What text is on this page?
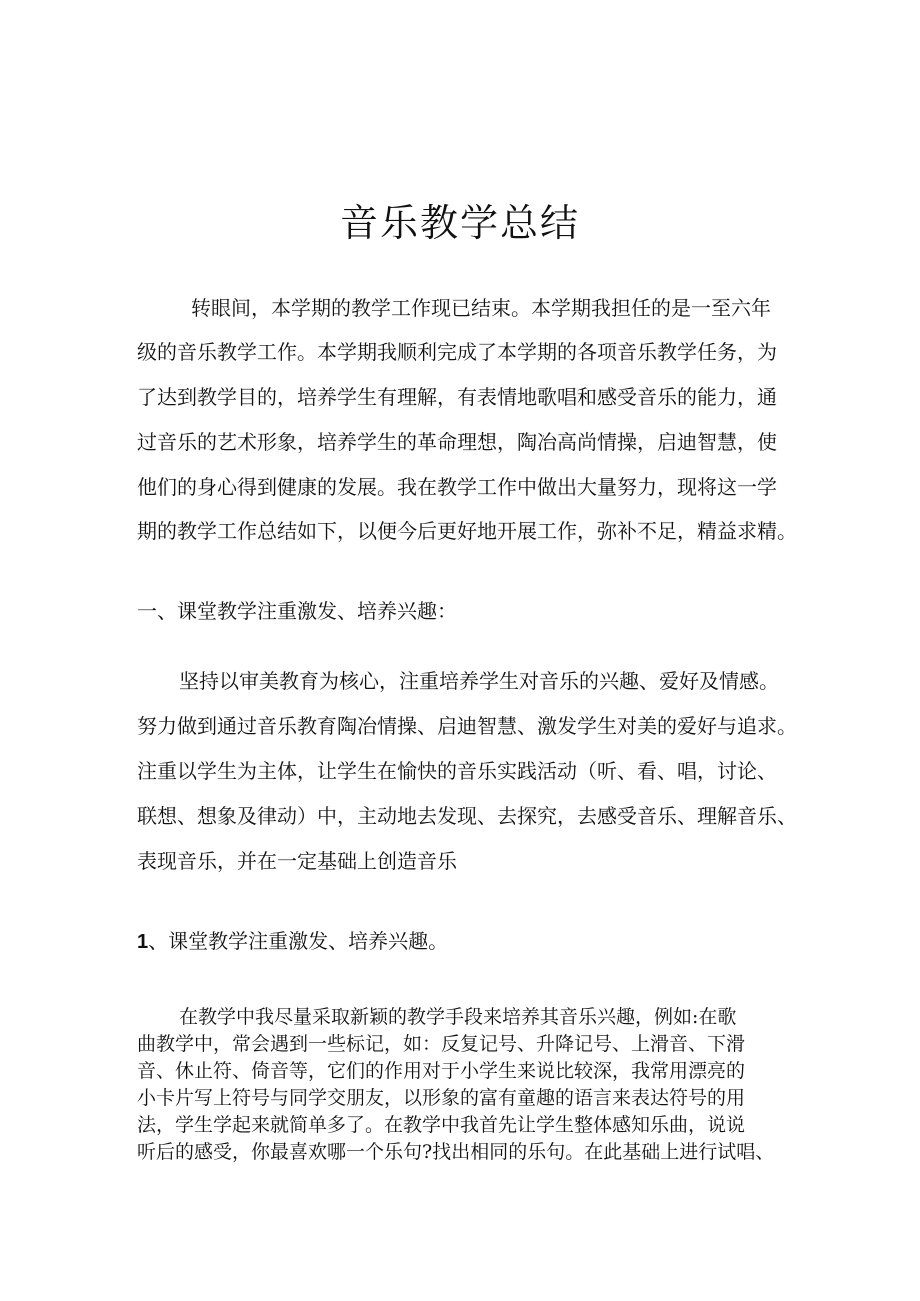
音乐教学总结

转眼间，本学期的教学工作现已结束。本学期我担任的是一至六年

级的音乐教学工作。本学期我顺利完成了本学期的各项音乐教学任务，为

了达到教学目的，培养学生有理解，有表情地歌唱和感受音乐的能力，通

过音乐的艺术形象，培养学生的革命理想，陶冶高尚情操，启迪智慧，使

他们的身心得到健康的发展。我在教学工作中做出大量努力，现将这一学

期的教学工作总结如下，以便今后更好地开展工作，弥补不足，精益求精。

一、课堂教学注重激发、培养兴趣：

坚持以审美教育为核心，注重培养学生对音乐的兴趣、爱好及情感。

努力做到通过音乐教育陶冶情操、启迪智慧、激发学生对美的爱好与追求。

注重以学生为主体，让学生在愉快的音乐实践活动（听、看、唱，讨论、

联想、想象及律动）中，主动地去发现、去探究，去感受音乐、理解音乐、

表现音乐，并在一定基础上创造音乐

1、课堂教学注重激发、培养兴趣。

在教学中我尽量采取新颖的教学手段来培养其音乐兴趣，例如:在歌

曲教学中，常会遇到一些标记，如：反复记号、升降记号、上滑音、下滑

音、休止符、倚音等，它们的作用对于小学生来说比较深，我常用漂亮的

小卡片写上符号与同学交朋友，以形象的富有童趣的语言来表达符号的用

法，学生学起来就简单多了。在教学中我首先让学生整体感知乐曲，说说

听后的感受，你最喜欢哪一个乐句?找出相同的乐句。在此基础上进行试唱、
